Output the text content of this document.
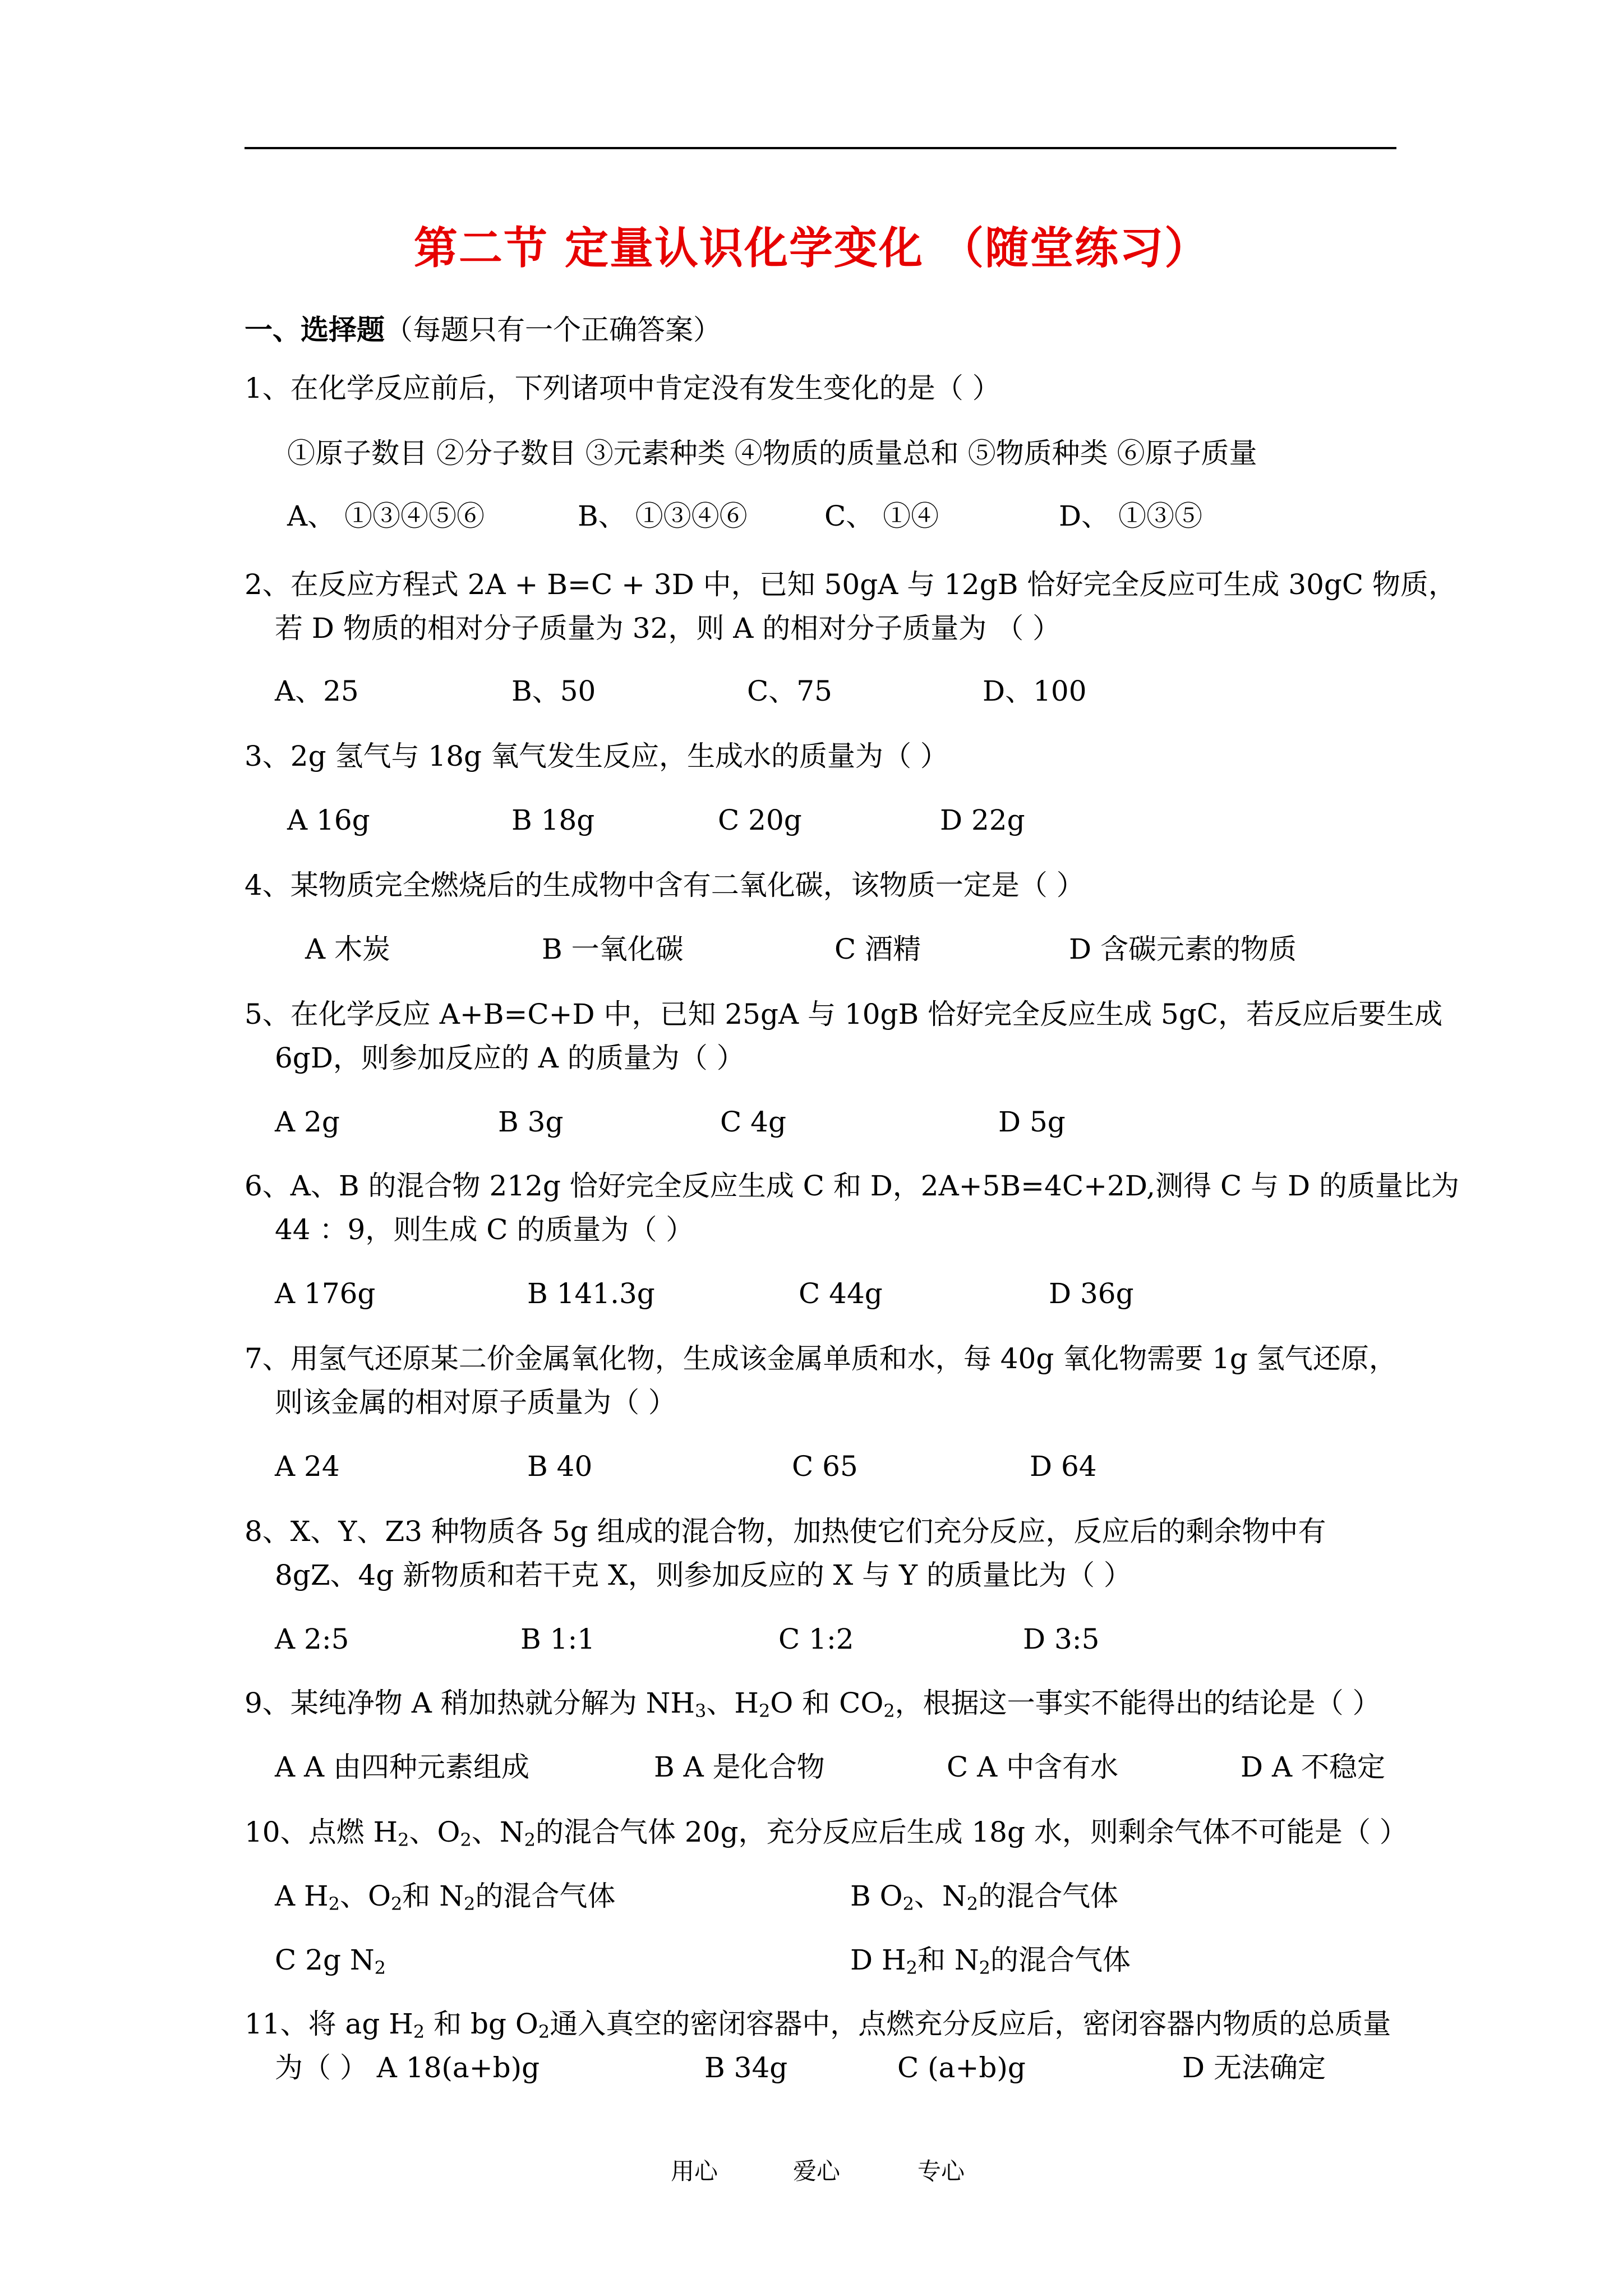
第二节 定量认识化学变化 （随堂练习）
一、选择题（每题只有一个正确答案）
1、在化学反应前后，下列诸项中肯定没有发生变化的是（ ）
①原子数目 ②分子数目 ③元素种类 ④物质的质量总和 ⑤物质种类 ⑥原子质量
A、 ①③④⑤⑥	B、 ①③④⑥	C、 ①④	D、 ①③⑤
2、在反应方程式 2A + B=C + 3D 中，已知 50gA 与 12gB 恰好完全反应可生成 30gC 物质，
若 D 物质的相对分子质量为 32，则 A 的相对分子质量为 （ ）
A、25	B、50	C、75	D、100
3、2g 氢气与 18g 氧气发生反应，生成水的质量为（ ）
A 16g	B 18g	C 20g	D 22g
4、某物质完全燃烧后的生成物中含有二氧化碳，该物质一定是（ ）
A 木炭	B 一氧化碳	C 酒精	D 含碳元素的物质
5、在化学反应 A+B=C+D 中，已知 25gA 与 10gB 恰好完全反应生成 5gC，若反应后要生成
6gD，则参加反应的 A 的质量为（ ）
A 2g	B 3g	C 4g	D 5g
6、A、B 的混合物 212g 恰好完全反应生成 C 和 D，2A+5B=4C+2D,测得 C 与 D 的质量比为
44 ：9，则生成 C 的质量为（ ）
A 176g	B 141.3g	C 44g	D 36g
7、用氢气还原某二价金属氧化物，生成该金属单质和水，每 40g 氧化物需要 1g 氢气还原，
则该金属的相对原子质量为（ ）
A 24	B 40	C 65	D 64
8、X、Y、Z3 种物质各 5g 组成的混合物，加热使它们充分反应，反应后的剩余物中有
8gZ、4g 新物质和若干克 X，则参加反应的 X 与 Y 的质量比为（ ）
A 2:5	B 1:1	C 1:2	D 3:5
9、某纯净物 A 稍加热就分解为 $NH_3$、$H_2O$ 和 $CO_2$，根据这一事实不能得出的结论是（ ）
A A 由四种元素组成	B A 是化合物	C A 中含有水	D A 不稳定
10、点燃 $H_2$、$O_2$、$N_2$的混合气体 20g，充分反应后生成 18g 水，则剩余气体不可能是（ ）
A $H_2$、$O_2$和 $N_2$的混合气体	B $O_2$、$N_2$的混合气体
C 2g $N_2$	D $H_2$和 $N_2$的混合气体
11、将 ag $H_2$ 和 bg $O_2$通入真空的密闭容器中，点燃充分反应后，密闭容器内物质的总质量
为（ ） A 18(a+b)g	B 34g	C (a+b)g	D 无法确定
用心	爱心	专心
